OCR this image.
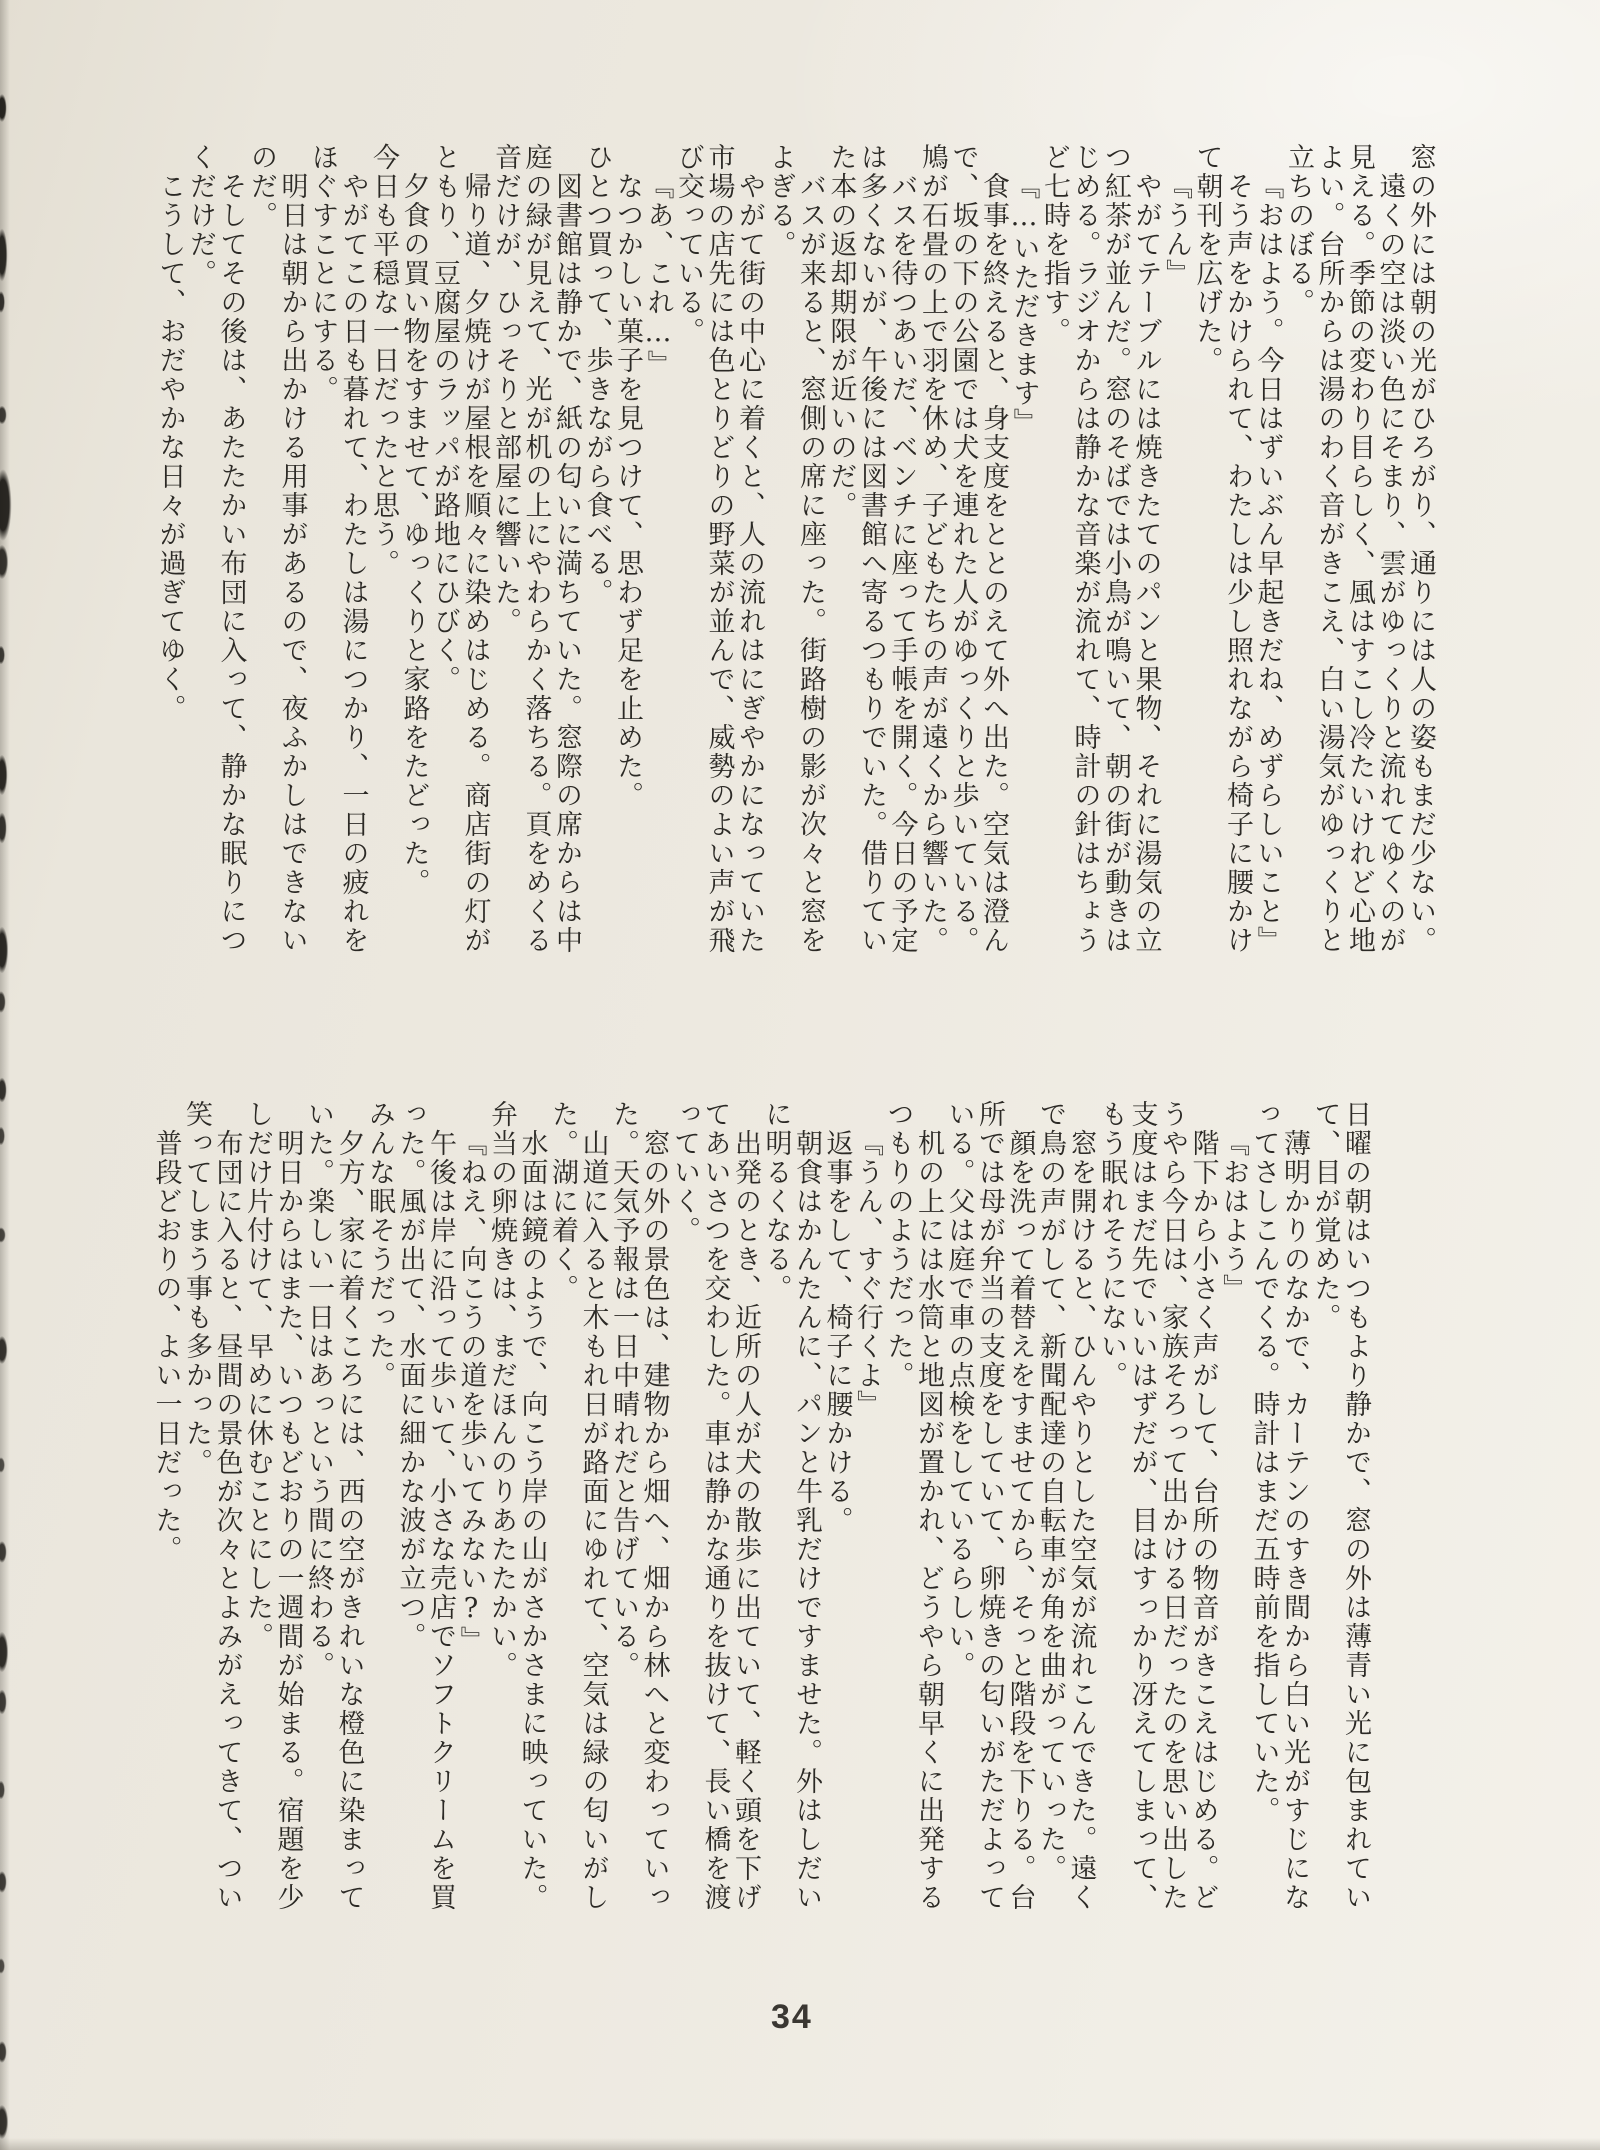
窓の外には朝の光がひろがり、通りには人の姿もまだ少ない。
遠くの空は淡い色にそまり、雲がゆっくりと流れてゆくのが
見える。季節の変わり目らしく、風はすこし冷たいけれど心地
よい。台所からは湯のわく音がきこえ、白い湯気がゆっくりと
立ちのぼる。
『おはよう。今日はずいぶん早起きだね、めずらしいこと』
そう声をかけられて、わたしは少し照れながら椅子に腰かけ
て朝刊を広げた。
『うん』
やがてテーブルには焼きたてのパンと果物、それに湯気の立
つ紅茶が並んだ。窓のそばでは小鳥が鳴いて、朝の街が動きは
じめる。ラジオからは静かな音楽が流れて、時計の針はちょう
ど七時を指す。
『…いただきます』
食事を終えると、身支度をととのえて外へ出た。空気は澄ん
で、坂の下の公園では犬を連れた人がゆっくりと歩いている。
鳩が石畳の上で羽を休め、子どもたちの声が遠くから響いた。
バスを待つあいだ、ベンチに座って手帳を開く。今日の予定
は多くないが、午後には図書館へ寄るつもりでいた。借りてい
た本の返却期限が近いのだ。
バスが来ると、窓側の席に座った。街路樹の影が次々と窓を
よぎる。
やがて街の中心に着くと、人の流れはにぎやかになっていた
市場の店先には色とりどりの野菜が並んで、威勢のよい声が飛
び交っている。
『あ、これ…』
なつかしい菓子を見つけて、思わず足を止めた。
ひとつ買って、歩きながら食べる。
図書館は静かで、紙の匂いに満ちていた。窓際の席からは中
庭の緑が見えて、光が机の上にやわらかく落ちる。頁をめくる
音だけが、ひっそりと部屋に響いた。
帰り道、夕焼けが屋根を順々に染めはじめる。商店街の灯が
ともり、豆腐屋のラッパが路地にひびく。
夕食の買い物をすませて、ゆっくりと家路をたどった。
今日も平穏な一日だったと思う。
やがてこの日も暮れて、わたしは湯につかり、一日の疲れを
ほぐすことにする。
明日は朝から出かける用事があるので、夜ふかしはできない
のだ。
そしてその後は、あたたかい布団に入って、静かな眠りにつ
くだけだ。
こうして、おだやかな日々が過ぎてゆく。
日曜の朝はいつもより静かで、窓の外は薄青い光に包まれてい
て、目が覚めた。
薄明かりのなかで、カーテンのすき間から白い光がすじにな
ってさしこんでくる。時計はまだ五時前を指していた。
『おはよう』
階下から小さく声がして、台所の物音がきこえはじめる。ど
うやら今日は、家族そろって出かける日だったのを思い出した
支度はまだ先でいいはずだが、目はすっかり冴えてしまって、
もう眠れそうにない。
窓を開けると、ひんやりとした空気が流れこんできた。遠く
で鳥の声がして、新聞配達の自転車が角を曲がっていった。
顔を洗って着替えをすませてから、そっと階段を下りる。台
所では母が弁当の支度をしていて、卵焼きの匂いがただよって
いる。父は庭で車の点検をしているらしい。
机の上には水筒と地図が置かれ、どうやら朝早くに出発する
つもりのようだった。
『うん、すぐ行くよ』
返事をして、椅子に腰かける。
朝食はかんたんに、パンと牛乳だけですませた。外はしだい
に明るくなる。
出発のとき、近所の人が犬の散歩に出ていて、軽く頭を下げ
てあいさつを交わした。車は静かな通りを抜けて、長い橋を渡
っていく。
窓の外の景色は、建物から畑へ、畑から林へと変わっていっ
た。天気予報は一日中晴れだと告げている。
山道に入ると木もれ日が路面にゆれて、空気は緑の匂いがし
た。湖に着く。
水面は鏡のようで、向こう岸の山がさかさまに映っていた。
弁当の卵焼きは、まだほんのりあたたかい。
『ねえ、向こうの道を歩いてみない?』
午後は岸に沿って歩いて、小さな売店でソフトクリームを買
った。風が出て、水面に細かな波が立つ。
みんな眠そうだった。
夕方、家に着くころには、西の空がきれいな橙色に染まって
いた。楽しい一日はあっという間に終わる。
明日からはまた、いつもどおりの一週間が始まる。宿題を少
しだけ片付けて、早めに休むことにした。
布団に入ると、昼間の景色が次々とよみがえってきて、つい
笑ってしまう事も多かった。
普段どおりの、よい一日だった。
34
